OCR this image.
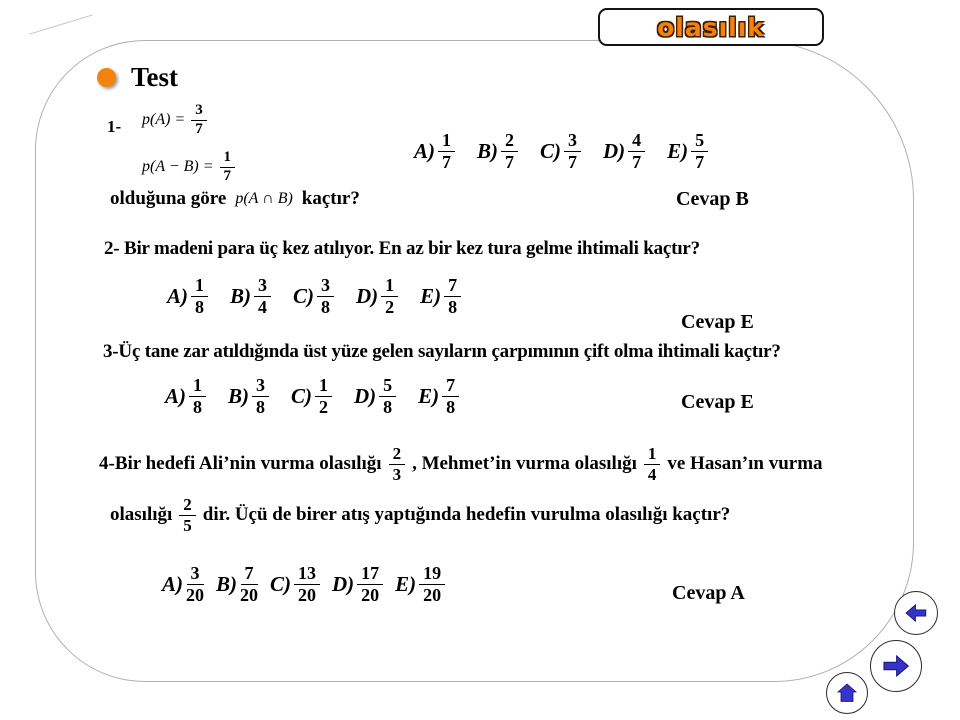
olasılık
Test
1- $p(A) = \frac{3}{7}$
$p(A - B) = \frac{1}{7}$
olduğuna göre p(A ∩ B) kaçtır?
$A) \frac{1}{7} B) \frac{2}{7} C) \frac{3}{7} D) \frac{4}{7} E) \frac{5}{7}$
Cevap B
2- Bir madeni para üç kez atılıyor. En az bir kez tura gelme ihtimali kaçtır?
$A) \frac{1}{8} B) \frac{3}{4} C) \frac{3}{8} D) \frac{1}{2} E) \frac{7}{8}$
Cevap E
3-Üç tane zar atıldığında üst yüze gelen sayıların çarpımının çift olma ihtimali kaçtır?
$A) \frac{1}{8} B) \frac{3}{8} C) \frac{1}{2} D) \frac{5}{8} E) \frac{7}{8}$	Cevap E
4-Bir hedefi Ali’nin vurma olasılığı $\frac{2}{3}$ , Mehmet’in vurma olasılığı $\frac{1}{4}$ ve Hasan’ın vurma
olasılığı $\frac{2}{5}$ dir. Üçü de birer atış yaptığında hedefin vurulma olasılığı kaçtır?
$A) \frac{3}{20} B) \frac{7}{20} C) \frac{13}{20} D) \frac{17}{20} E) \frac{19}{20}$	Cevap A
